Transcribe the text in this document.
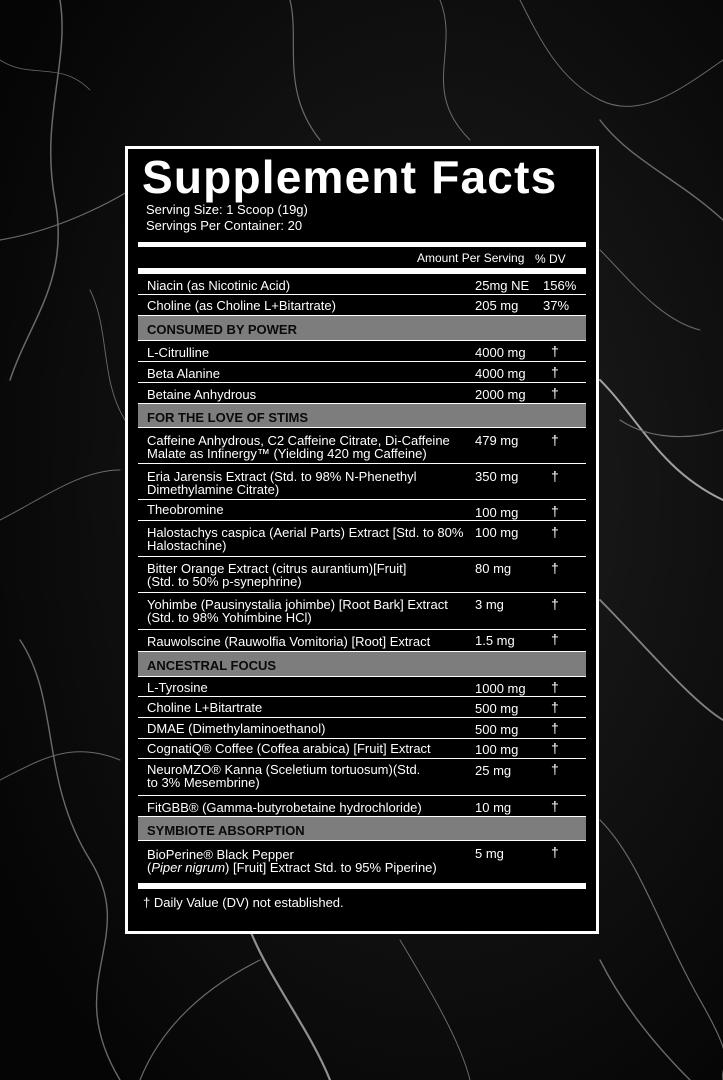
Supplement Facts
Serving Size: 1 Scoop (19g)
Servings Per Container: 20
Amount Per Serving % DV
Niacin (as Nicotinic Acid)	25mg NE 156%
Choline (as Choline L+Bitartrate)	205 mg 37%
CONSUMED BY POWER
L-Citrulline	4000 mg †
Beta Alanine	4000 mg †
Betaine Anhydrous	2000 mg †
FOR THE LOVE OF STIMS
Caffeine Anhydrous, C2 Caffeine Citrate, Di-Caffeine
Malate as Infinergy™ (Yielding 420 mg Caffeine)
479 mg †
Eria Jarensis Extract (Std. to 98% N-Phenethyl
Dimethylamine Citrate)
350 mg †
Theobromine	100 mg †
Halostachys caspica (Aerial Parts) Extract [Std. to 80%
Halostachine)
100 mg †
Bitter Orange Extract (citrus aurantium)[Fruit]
(Std. to 50% p-synephrine)
80 mg	†
Yohimbe (Pausinystalia johimbe) [Root Bark] Extract
(Std. to 98% Yohimbine HCl)
3 mg	†
Rauwolscine (Rauwolfia Vomitoria) [Root] Extract	1.5 mg	†
ANCESTRAL FOCUS
L-Tyrosine	1000 mg †
Choline L+Bitartrate	500 mg †
DMAE (Dimethylaminoethanol)	500 mg †
CognatiQ® Coffee (Coffea arabica) [Fruit] Extract	100 mg †
NeuroMZO® Kanna (Sceletium tortuosum)(Std.
to 3% Mesembrine)
25 mg	†
FitGBB® (Gamma-butyrobetaine hydrochloride)	10 mg	†
SYMBIOTE ABSORPTION
BioPerine® Black Pepper
(Piper nigrum) [Fruit] Extract Std. to 95% Piperine)
5 mg	†
† Daily Value (DV) not established.
